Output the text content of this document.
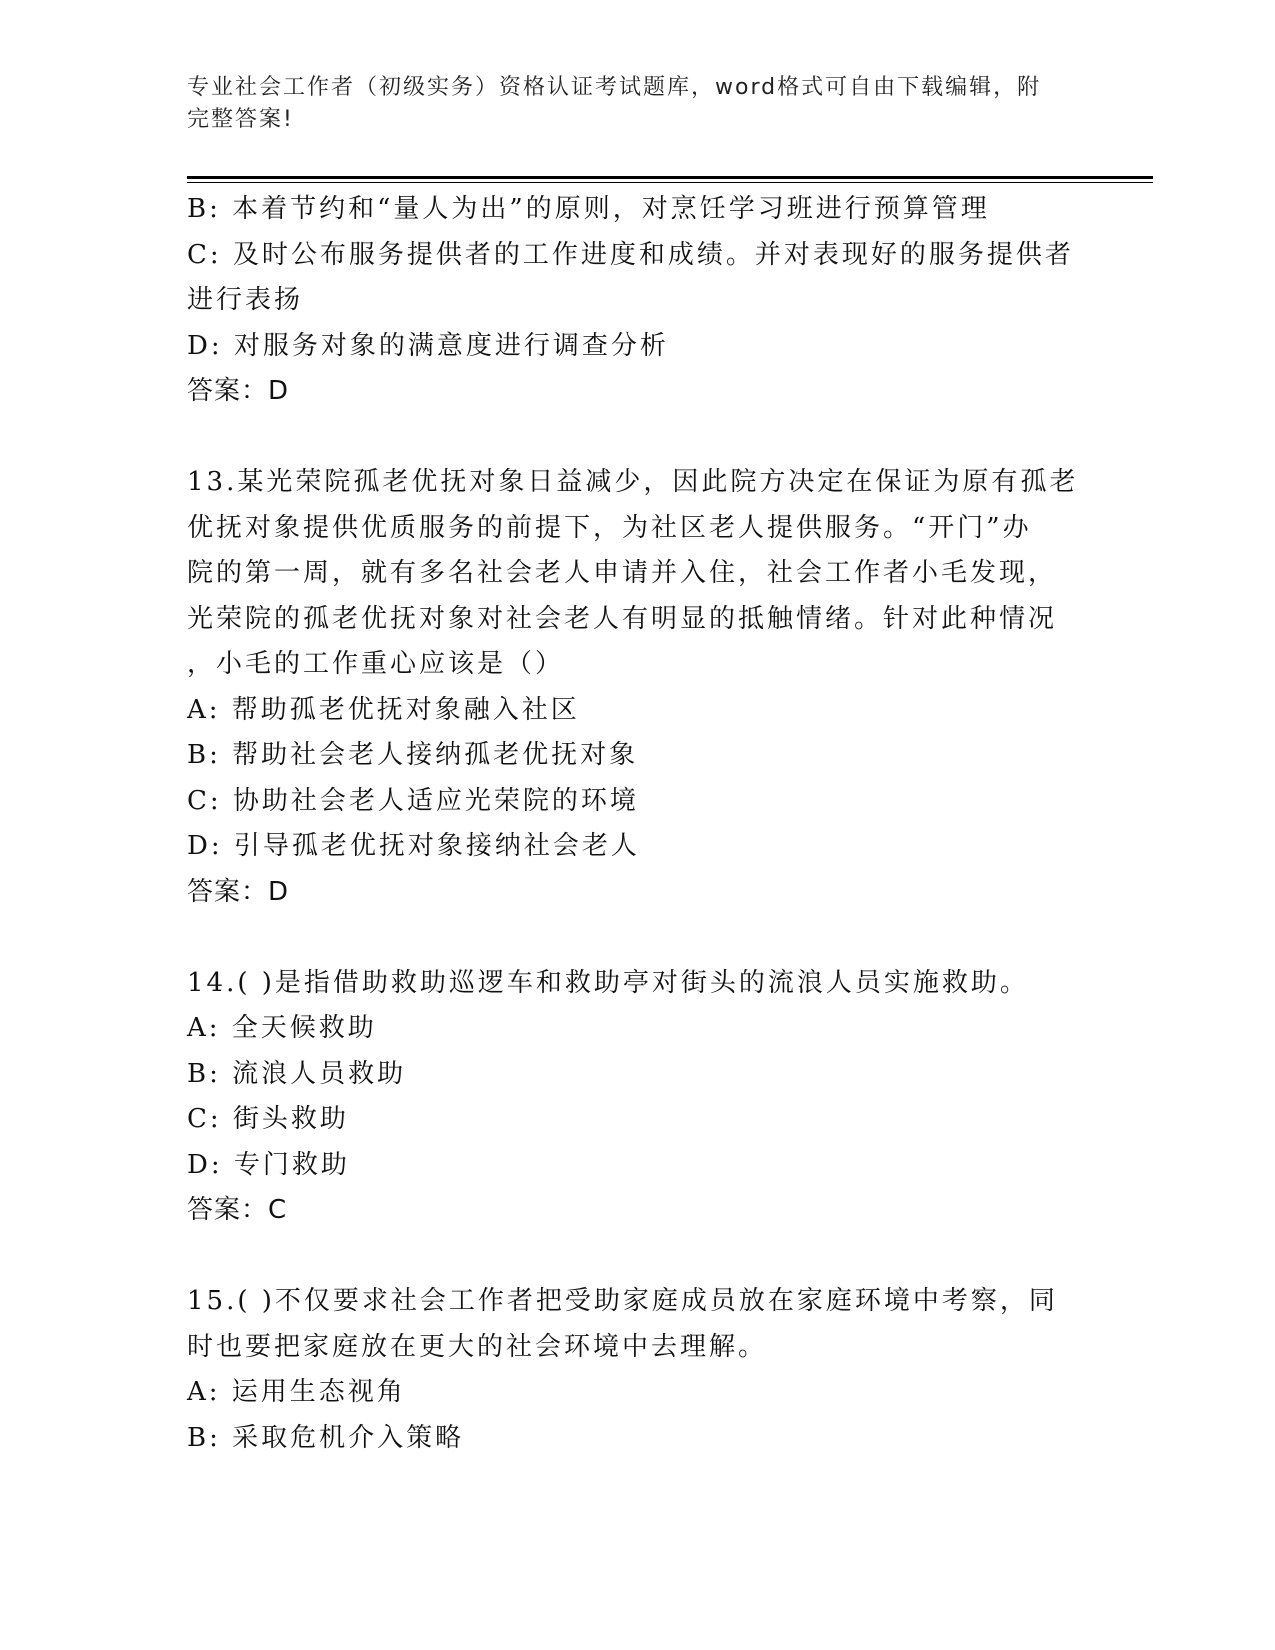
专业社会工作者（初级实务）资格认证考试题库，word格式可自由下载编辑，附
完整答案!
B: 本着节约和“量人为出”的原则，对烹饪学习班进行预算管理
C: 及时公布服务提供者的工作进度和成绩。并对表现好的服务提供者
进行表扬
D: 对服务对象的满意度进行调查分析
答案：D
13.某光荣院孤老优抚对象日益减少，因此院方决定在保证为原有孤老
优抚对象提供优质服务的前提下，为社区老人提供服务。“开门”办
院的第一周，就有多名社会老人申请并入住，社会工作者小毛发现，
光荣院的孤老优抚对象对社会老人有明显的抵触情绪。针对此种情况
，小毛的工作重心应该是（）
A: 帮助孤老优抚对象融入社区
B: 帮助社会老人接纳孤老优抚对象
C: 协助社会老人适应光荣院的环境
D: 引导孤老优抚对象接纳社会老人
答案：D
14.( )是指借助救助巡逻车和救助亭对街头的流浪人员实施救助。
A: 全天候救助
B: 流浪人员救助
C: 街头救助
D: 专门救助
答案：C
15.( )不仅要求社会工作者把受助家庭成员放在家庭环境中考察，同
时也要把家庭放在更大的社会环境中去理解。
A: 运用生态视角
B: 采取危机介入策略
